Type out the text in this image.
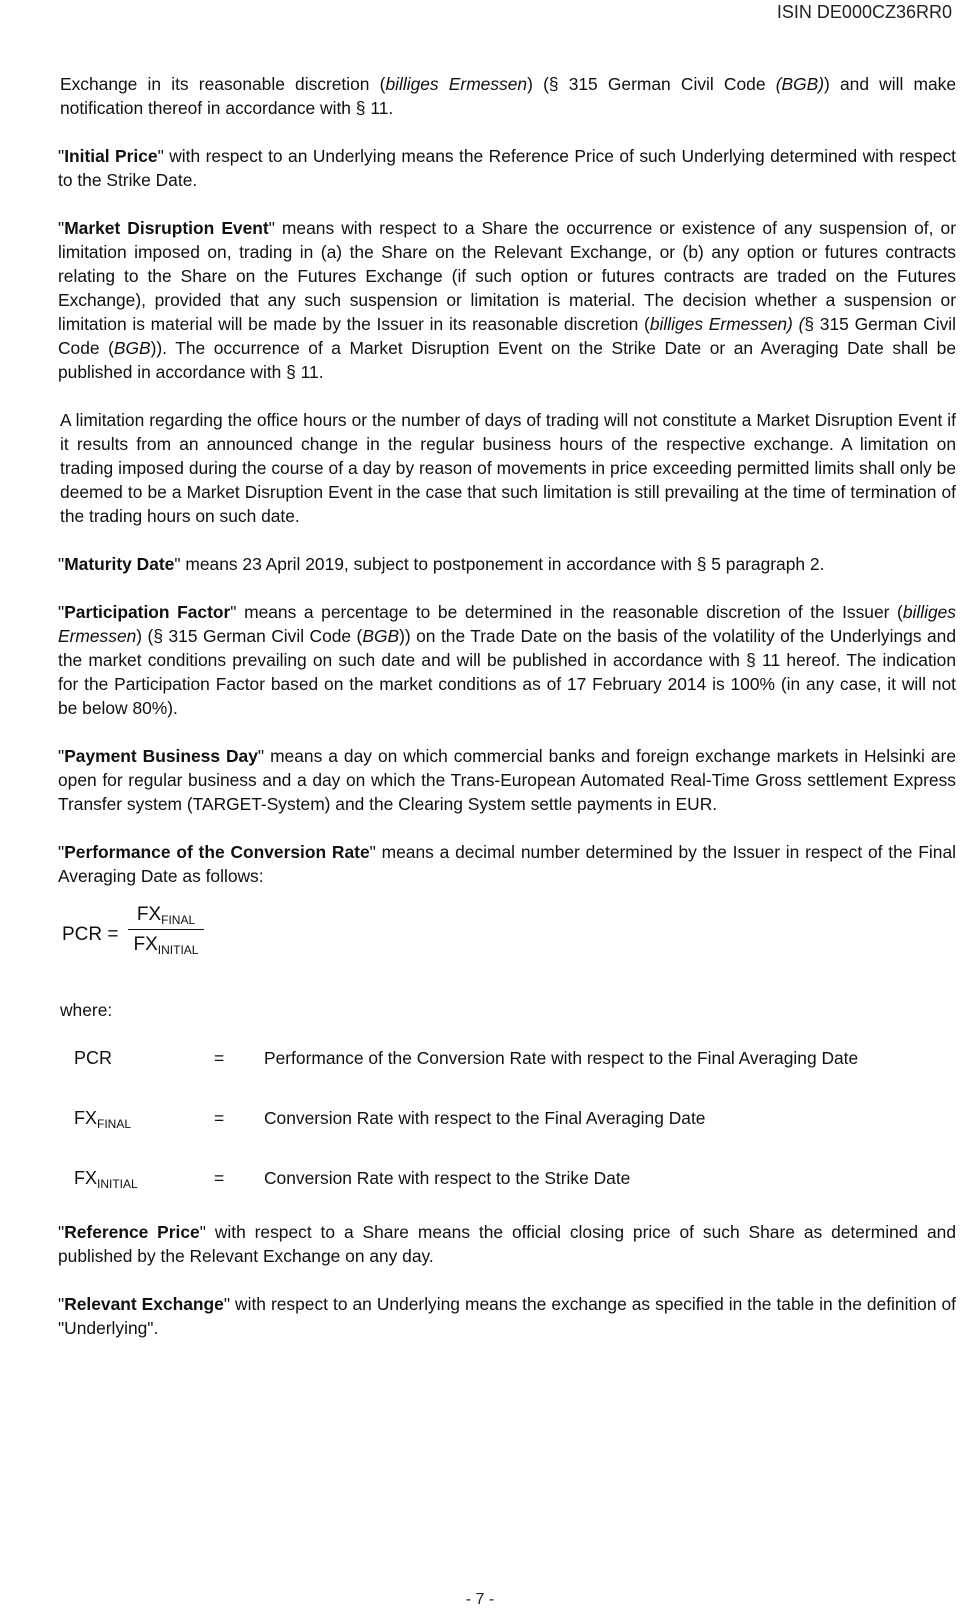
ISIN DE000CZ36RR0

Exchange in its reasonable discretion (billiges Ermessen) (§ 315 German Civil Code (BGB)) and will make notification thereof in accordance with § 11.

"Initial Price" with respect to an Underlying means the Reference Price of such Underlying determined with respect to the Strike Date.

"Market Disruption Event" means with respect to a Share the occurrence or existence of any suspension of, or limitation imposed on, trading in (a) the Share on the Relevant Exchange, or (b) any option or futures contracts relating to the Share on the Futures Exchange (if such option or futures contracts are traded on the Futures Exchange), provided that any such suspension or limitation is material. The decision whether a suspension or limitation is material will be made by the Issuer in its reasonable discretion (billiges Ermessen) (§ 315 German Civil Code (BGB)). The occurrence of a Market Disruption Event on the Strike Date or an Averaging Date shall be published in accordance with § 11.

A limitation regarding the office hours or the number of days of trading will not constitute a Market Disruption Event if it results from an announced change in the regular business hours of the respective exchange. A limitation on trading imposed during the course of a day by reason of movements in price exceeding permitted limits shall only be deemed to be a Market Disruption Event in the case that such limitation is still prevailing at the time of termination of the trading hours on such date.

"Maturity Date" means 23 April 2019, subject to postponement in accordance with § 5 paragraph 2.

"Participation Factor" means a percentage to be determined in the reasonable discretion of the Issuer (billiges Ermessen) (§ 315 German Civil Code (BGB)) on the Trade Date on the basis of the volatility of the Underlyings and the market conditions prevailing on such date and will be published in accordance with § 11 hereof. The indication for the Participation Factor based on the market conditions as of 17 February 2014 is 100% (in any case, it will not be below 80%).

"Payment Business Day" means a day on which commercial banks and foreign exchange markets in Helsinki are open for regular business and a day on which the Trans-European Automated Real-Time Gross settlement Express Transfer system (TARGET-System) and the Clearing System settle payments in EUR.

"Performance of the Conversion Rate" means a decimal number determined by the Issuer in respect of the Final Averaging Date as follows:

PCR =
$FX_{FINAL}$
$FX_{INITIAL}$

where:

PCR	=	Performance of the Conversion Rate with respect to the Final Averaging Date
$FX_{FINAL}$	=	Conversion Rate with respect to the Final Averaging Date
$FX_{INITIAL}$	=	Conversion Rate with respect to the Strike Date

"Reference Price" with respect to a Share means the official closing price of such Share as determined and published by the Relevant Exchange on any day.

"Relevant Exchange" with respect to an Underlying means the exchange as specified in the table in the definition of "Underlying".

- 7 -
